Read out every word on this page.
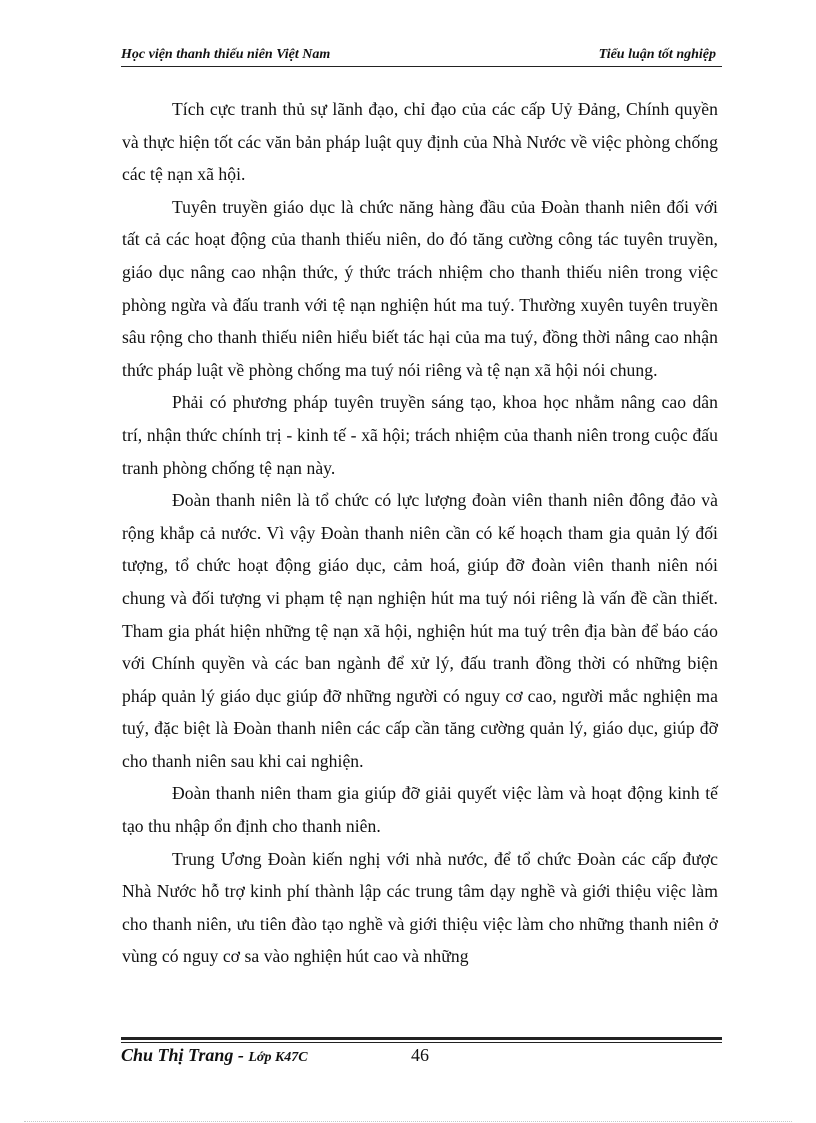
Học viện thanh thiếu niên Việt Nam	Tiểu luận tốt nghiệp

Tích cực tranh thủ sự lãnh đạo, chỉ đạo của các cấp Uỷ Đảng, Chính quyền và thực hiện tốt các văn bản pháp luật quy định của Nhà Nước về việc phòng chống các tệ nạn xã hội.

Tuyên truyền giáo dục là chức năng hàng đầu của Đoàn thanh niên đối với tất cả các hoạt động của thanh thiếu niên, do đó tăng cường công tác tuyên truyền, giáo dục nâng cao nhận thức, ý thức trách nhiệm cho thanh thiếu niên trong việc phòng ngừa và đấu tranh với tệ nạn nghiện hút ma tuý. Thường xuyên tuyên truyền sâu rộng cho thanh thiếu niên hiểu biết tác hại của ma tuý, đồng thời nâng cao nhận thức pháp luật về phòng chống ma tuý nói riêng và tệ nạn xã hội nói chung.

Phải có phương pháp tuyên truyền sáng tạo, khoa học nhằm nâng cao dân trí, nhận thức chính trị - kinh tế - xã hội; trách nhiệm của thanh niên trong cuộc đấu tranh phòng chống tệ nạn này.

Đoàn thanh niên là tổ chức có lực lượng đoàn viên thanh niên đông đảo và rộng khắp cả nước. Vì vậy Đoàn thanh niên cần có kế hoạch tham gia quản lý đối tượng, tổ chức hoạt động giáo dục, cảm hoá, giúp đỡ đoàn viên thanh niên nói chung và đối tượng vi phạm tệ nạn nghiện hút ma tuý nói riêng là vấn đề cần thiết. Tham gia phát hiện những tệ nạn xã hội, nghiện hút ma tuý trên địa bàn để báo cáo với Chính quyền và các ban ngành để xử lý, đấu tranh đồng thời có những biện pháp quản lý giáo dục giúp đỡ những người có nguy cơ cao, người mắc nghiện ma tuý, đặc biệt là Đoàn thanh niên các cấp cần tăng cường quản lý, giáo dục, giúp đỡ cho thanh niên sau khi cai nghiện.

Đoàn thanh niên tham gia giúp đỡ giải quyết việc làm và hoạt động kinh tế tạo thu nhập ổn định cho thanh niên.

Trung Ương Đoàn kiến nghị với nhà nước, để tổ chức Đoàn các cấp được Nhà Nước hỗ trợ kinh phí thành lập các trung tâm dạy nghề và giới thiệu việc làm cho thanh niên, ưu tiên đào tạo nghề và giới thiệu việc làm cho những thanh niên ở vùng có nguy cơ sa vào nghiện hút cao và những

Chu Thị Trang - Lớp K47C	46
